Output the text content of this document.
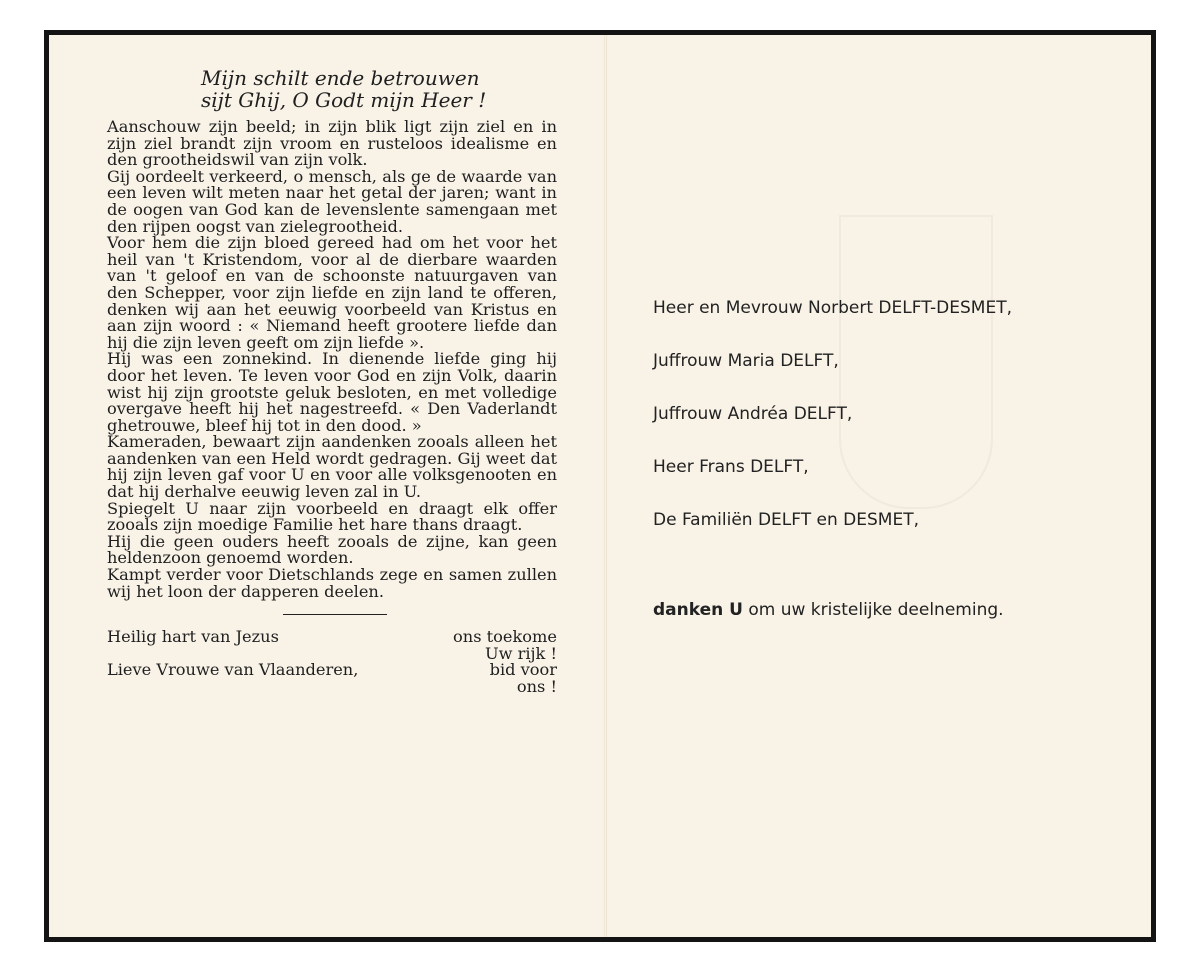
Mijn schilt ende betrouwen
sijt Ghij, O Godt mijn Heer !

Aanschouw zijn beeld; in zijn blik ligt zijn ziel en in zijn ziel brandt zijn vroom en rusteloos idealisme en den grootheidswil van zijn volk.

Gij oordeelt verkeerd, o mensch, als ge de waarde van een leven wilt meten naar het getal der jaren; want in de oogen van God kan de levenslente samengaan met den rijpen oogst van zielegrootheid.

Voor hem die zijn bloed gereed had om het voor het heil van 't Kristendom, voor al de dierbare waarden van 't geloof en van de schoonste natuurgaven van den Schepper, voor zijn liefde en zijn land te offeren, denken wij aan het eeuwig voorbeeld van Kristus en aan zijn woord : « Niemand heeft grootere liefde dan hij die zijn leven geeft om zijn liefde ».

Hij was een zonnekind. In dienende liefde ging hij door het leven. Te leven voor God en zijn Volk, daarin wist hij zijn grootste geluk besloten, en met volledige overgave heeft hij het nagestreefd. « Den Vaderlandt ghetrouwe, bleef hij tot in den dood. »

Kameraden, bewaart zijn aandenken zooals alleen het aandenken van een Held wordt gedragen. Gij weet dat hij zijn leven gaf voor U en voor alle volksgenooten en dat hij derhalve eeuwig leven zal in U.

Spiegelt U naar zijn voorbeeld en draagt elk offer zooals zijn moedige Familie het hare thans draagt.

Hij die geen ouders heeft zooals de zijne, kan geen heldenzoon genoemd worden.

Kampt verder voor Dietschlands zege en samen zullen wij het loon der dapperen deelen.

Heilig hart van Jezus	ons toekome
Uw rijk !
Lieve Vrouwe van Vlaanderen,	bid voor
ons !
Heer en Mevrouw Norbert DELFT-DESMET,
Juffrouw Maria DELFT,
Juffrouw Andréa DELFT,
Heer Frans DELFT,
De Familiën DELFT en DESMET,
danken U om uw kristelijke deelneming.
